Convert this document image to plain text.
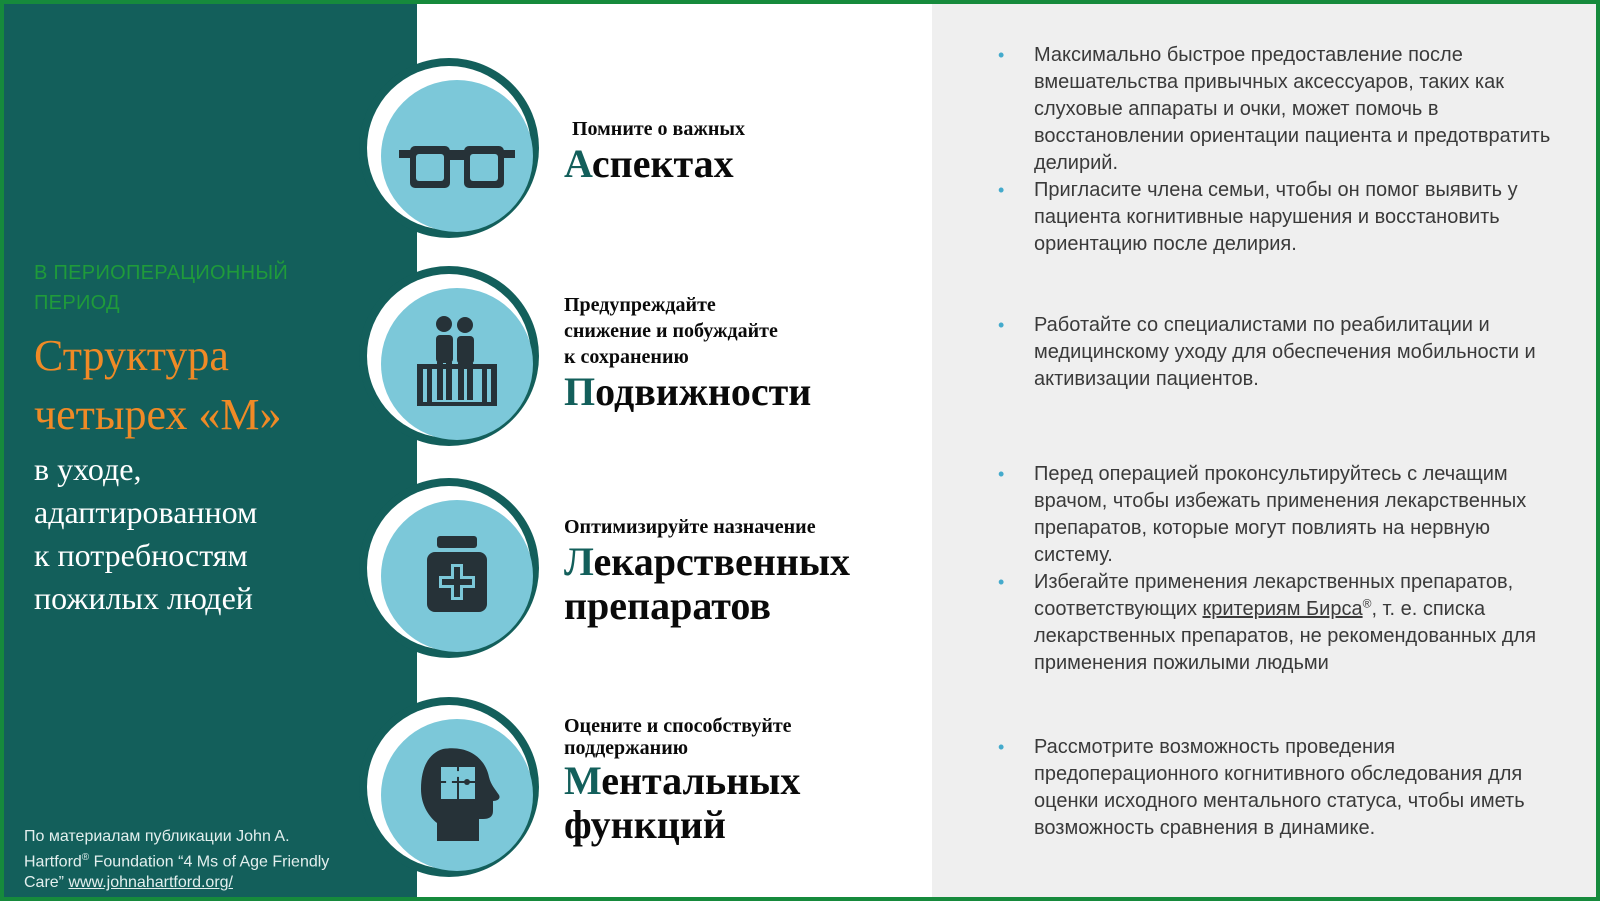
В ПЕРИОПЕРАЦИОННЫЙ
ПЕРИОД
Структура
четырех «М»
в уходе,
адаптированном
к потребностям
пожилых людей
По материалам публикации John A. Hartford® Foundation “4 Ms of Age Friendly Care” www.johnahartford.org/
Помните о важных
Аспектах
Предупреждайте
снижение и побуждайте
к сохранению
Подвижности
Оптимизируйте назначение
Лекарственных
препаратов
Оцените и способствуйте
поддержанию
Ментальных
функций
• Максимально быстрое предоставление после вмешательства привычных аксессуаров, таких как слуховые аппараты и очки, может помочь в восстановлении ориентации пациента и предотвратить делирий.
• Пригласите члена семьи, чтобы он помог выявить у пациента когнитивные нарушения и восстановить ориентацию после делирия.
• Работайте со специалистами по реабилитации и медицинскому уходу для обеспечения мобильности и активизации пациентов.
• Перед операцией проконсультируйтесь с лечащим врачом, чтобы избежать применения лекарственных препаратов, которые могут повлиять на нервную систему.
• Избегайте применения лекарственных препаратов, соответствующих критериям Бирса®, т. е. списка лекарственных препаратов, не рекомендованных для применения пожилыми людьми
• Рассмотрите возможность проведения предоперационного когнитивного обследования для оценки исходного ментального статуса, чтобы иметь возможность сравнения в динамике.
